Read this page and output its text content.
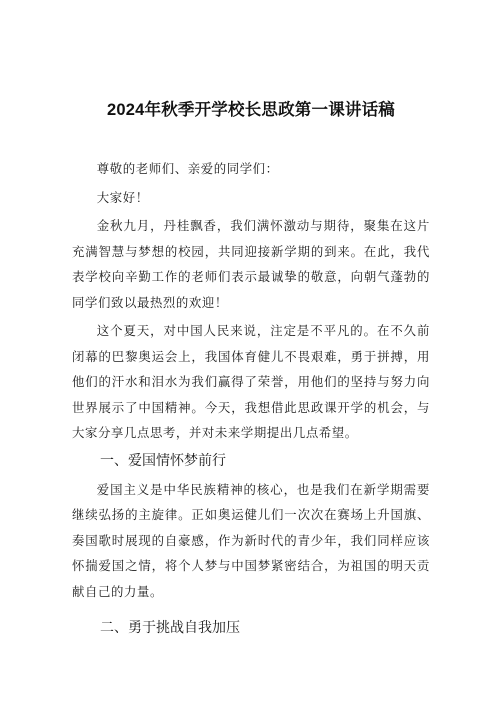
2024年秋季开学校长思政第一课讲话稿

尊敬的老师们、亲爱的同学们：

大家好！

金秋九月，丹桂飘香，我们满怀激动与期待，聚集在这片充满智慧与梦想的校园，共同迎接新学期的到来。在此，我代表学校向辛勤工作的老师们表示最诚挚的敬意，向朝气蓬勃的同学们致以最热烈的欢迎！

这个夏天，对中国人民来说，注定是不平凡的。在不久前闭幕的巴黎奥运会上，我国体育健儿不畏艰难，勇于拼搏，用他们的汗水和泪水为我们赢得了荣誉，用他们的坚持与努力向世界展示了中国精神。今天，我想借此思政课开学的机会，与大家分享几点思考，并对未来学期提出几点希望。

一、爱国情怀梦前行

爱国主义是中华民族精神的核心，也是我们在新学期需要继续弘扬的主旋律。正如奥运健儿们一次次在赛场上升国旗、奏国歌时展现的自豪感，作为新时代的青少年，我们同样应该怀揣爱国之情，将个人梦与中国梦紧密结合，为祖国的明天贡献自己的力量。

二、勇于挑战自我加压
